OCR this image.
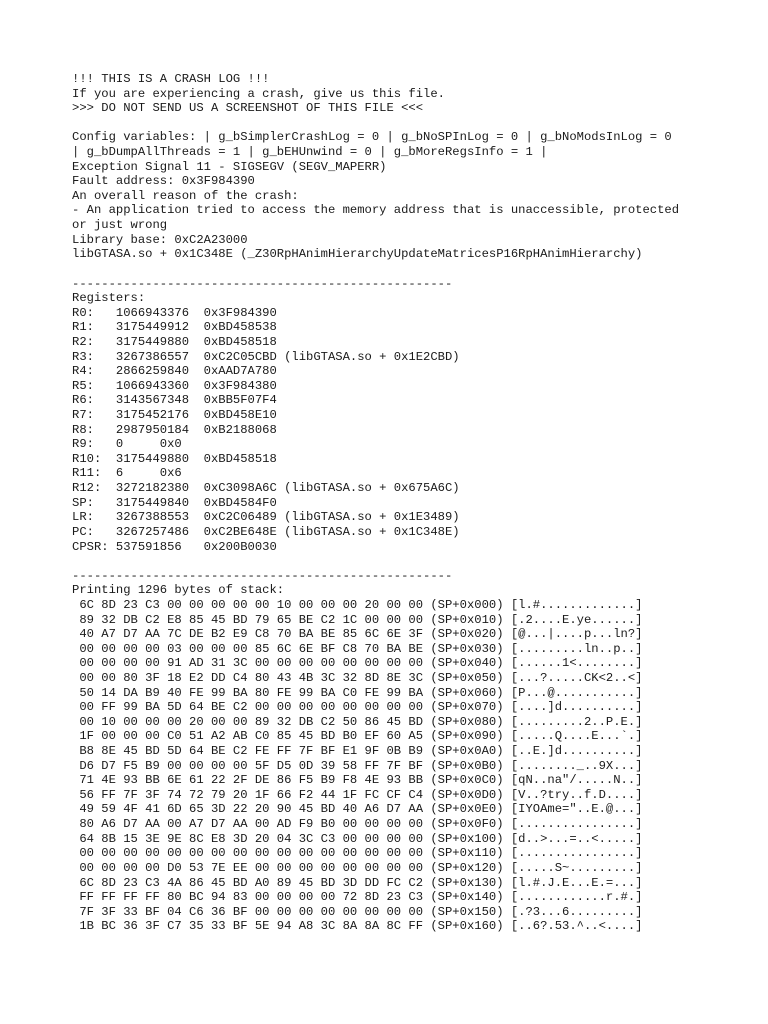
!!! THIS IS A CRASH LOG !!!
If you are experiencing a crash, give us this file.
>>> DO NOT SEND US A SCREENSHOT OF THIS FILE <<<
Config variables: | g_bSimplerCrashLog = 0 | g_bNoSPInLog = 0 | g_bNoModsInLog = 0
| g_bDumpAllThreads = 1 | g_bEHUnwind = 0 | g_bMoreRegsInfo = 1 |
Exception Signal 11 - SIGSEGV (SEGV_MAPERR)
Fault address: 0x3F984390
An overall reason of the crash:
- An application tried to access the memory address that is unaccessible, protected
or just wrong
Library base: 0xC2A23000
libGTASA.so + 0x1C348E (_Z30RpHAnimHierarchyUpdateMatricesP16RpHAnimHierarchy)
----------------------------------------------------
Registers:
R0:   1066943376  0x3F984390
R1:   3175449912  0xBD458538
R2:   3175449880  0xBD458518
R3:   3267386557  0xC2C05CBD (libGTASA.so + 0x1E2CBD)
R4:   2866259840  0xAAD7A780
R5:   1066943360  0x3F984380
R6:   3143567348  0xBB5F07F4
R7:   3175452176  0xBD458E10
R8:   2987950184  0xB2188068
R9:   0     0x0
R10:  3175449880  0xBD458518
R11:  6     0x6
R12:  3272182380  0xC3098A6C (libGTASA.so + 0x675A6C)
SP:   3175449840  0xBD4584F0
LR:   3267388553  0xC2C06489 (libGTASA.so + 0x1E3489)
PC:   3267257486  0xC2BE648E (libGTASA.so + 0x1C348E)
CPSR: 537591856   0x200B0030
----------------------------------------------------
Printing 1296 bytes of stack:
6C 8D 23 C3 00 00 00 00 00 10 00 00 00 20 00 00 (SP+0x000) [l.#.............]
89 32 DB C2 E8 85 45 BD 79 65 BE C2 1C 00 00 00 (SP+0x010) [.2....E.ye......]
40 A7 D7 AA 7C DE B2 E9 C8 70 BA BE 85 6C 6E 3F (SP+0x020) [@...|....p...ln?]
00 00 00 00 03 00 00 00 85 6C 6E BF C8 70 BA BE (SP+0x030) [.........ln..p..]
00 00 00 00 91 AD 31 3C 00 00 00 00 00 00 00 00 (SP+0x040) [......1<........]
00 00 80 3F 18 E2 DD C4 80 43 4B 3C 32 8D 8E 3C (SP+0x050) [...?.....CK<2..<]
50 14 DA B9 40 FE 99 BA 80 FE 99 BA C0 FE 99 BA (SP+0x060) [P...@...........]
00 FF 99 BA 5D 64 BE C2 00 00 00 00 00 00 00 00 (SP+0x070) [....]d..........]
00 10 00 00 00 20 00 00 89 32 DB C2 50 86 45 BD (SP+0x080) [.........2..P.E.]
1F 00 00 00 C0 51 A2 AB C0 85 45 BD B0 EF 60 A5 (SP+0x090) [.....Q....E...`.]
B8 8E 45 BD 5D 64 BE C2 FE FF 7F BF E1 9F 0B B9 (SP+0x0A0) [..E.]d..........]
D6 D7 F5 B9 00 00 00 00 5F D5 0D 39 58 FF 7F BF (SP+0x0B0) [........_..9X...]
71 4E 93 BB 6E 61 22 2F DE 86 F5 B9 F8 4E 93 BB (SP+0x0C0) [qN..na"/.....N..]
56 FF 7F 3F 74 72 79 20 1F 66 F2 44 1F FC CF C4 (SP+0x0D0) [V..?try..f.D....]
49 59 4F 41 6D 65 3D 22 20 90 45 BD 40 A6 D7 AA (SP+0x0E0) [IYOAme="..E.@...]
80 A6 D7 AA 00 A7 D7 AA 00 AD F9 B0 00 00 00 00 (SP+0x0F0) [................]
64 8B 15 3E 9E 8C E8 3D 20 04 3C C3 00 00 00 00 (SP+0x100) [d..>...=..<.....]
00 00 00 00 00 00 00 00 00 00 00 00 00 00 00 00 (SP+0x110) [................]
00 00 00 00 D0 53 7E EE 00 00 00 00 00 00 00 00 (SP+0x120) [.....S~.........]
6C 8D 23 C3 4A 86 45 BD A0 89 45 BD 3D DD FC C2 (SP+0x130) [l.#.J.E...E.=...]
FF FF FF FF 80 BC 94 83 00 00 00 00 72 8D 23 C3 (SP+0x140) [............r.#.]
7F 3F 33 BF 04 C6 36 BF 00 00 00 00 00 00 00 00 (SP+0x150) [.?3...6.........]
1B BC 36 3F C7 35 33 BF 5E 94 A8 3C 8A 8A 8C FF (SP+0x160) [..6?.53.^..<....]
